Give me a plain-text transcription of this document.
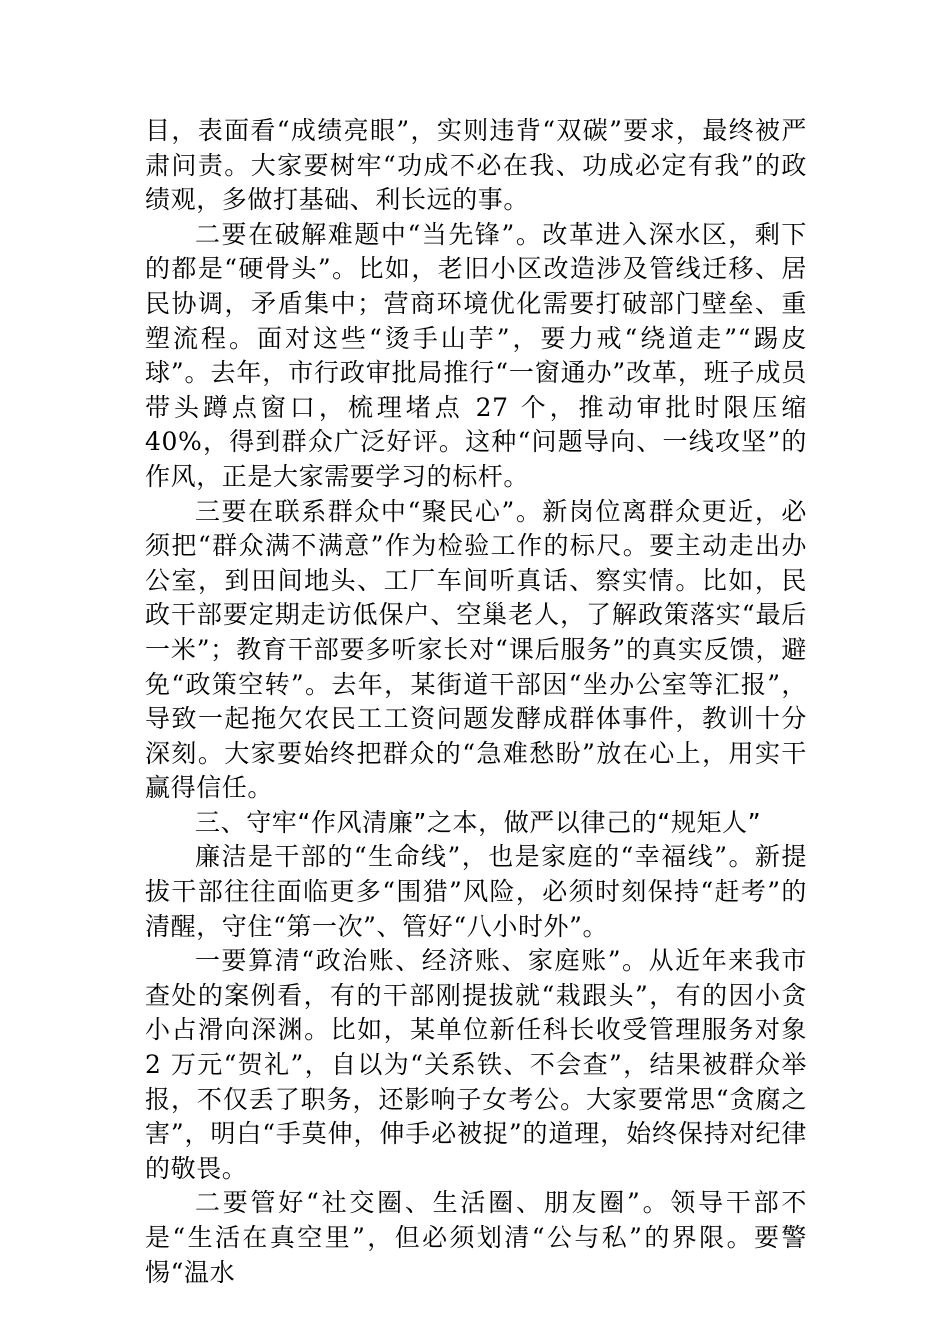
目，表面看“成绩亮眼”，实则违背“双碳”要求，最终被严肃问责。大家要树牢“功成不必在我、功成必定有我”的政绩观，多做打基础、利长远的事。

二要在破解难题中“当先锋”。改革进入深水区，剩下的都是“硬骨头”。比如，老旧小区改造涉及管线迁移、居民协调，矛盾集中；营商环境优化需要打破部门壁垒、重塑流程。面对这些“烫手山芋”，要力戒“绕道走”“踢皮球”。去年，市行政审批局推行“一窗通办”改革，班子成员带头蹲点窗口，梳理堵点 27 个，推动审批时限压缩 40%，得到群众广泛好评。这种“问题导向、一线攻坚”的作风，正是大家需要学习的标杆。

三要在联系群众中“聚民心”。新岗位离群众更近，必须把“群众满不满意”作为检验工作的标尺。要主动走出办公室，到田间地头、工厂车间听真话、察实情。比如，民政干部要定期走访低保户、空巢老人，了解政策落实“最后一米”；教育干部要多听家长对“课后服务”的真实反馈，避免“政策空转”。去年，某街道干部因“坐办公室等汇报”，导致一起拖欠农民工工资问题发酵成群体事件，教训十分深刻。大家要始终把群众的“急难愁盼”放在心上，用实干赢得信任。

三、守牢“作风清廉”之本，做严以律己的“规矩人”

廉洁是干部的“生命线”，也是家庭的“幸福线”。新提拔干部往往面临更多“围猎”风险，必须时刻保持“赶考”的清醒，守住“第一次”、管好“八小时外”。

一要算清“政治账、经济账、家庭账”。从近年来我市查处的案例看，有的干部刚提拔就“栽跟头”，有的因小贪小占滑向深渊。比如，某单位新任科长收受管理服务对象 2 万元“贺礼”，自以为“关系铁、不会查”，结果被群众举报，不仅丢了职务，还影响子女考公。大家要常思“贪腐之害”，明白“手莫伸，伸手必被捉”的道理，始终保持对纪律的敬畏。

二要管好“社交圈、生活圈、朋友圈”。领导干部不是“生活在真空里”，但必须划清“公与私”的界限。要警惕“温水
